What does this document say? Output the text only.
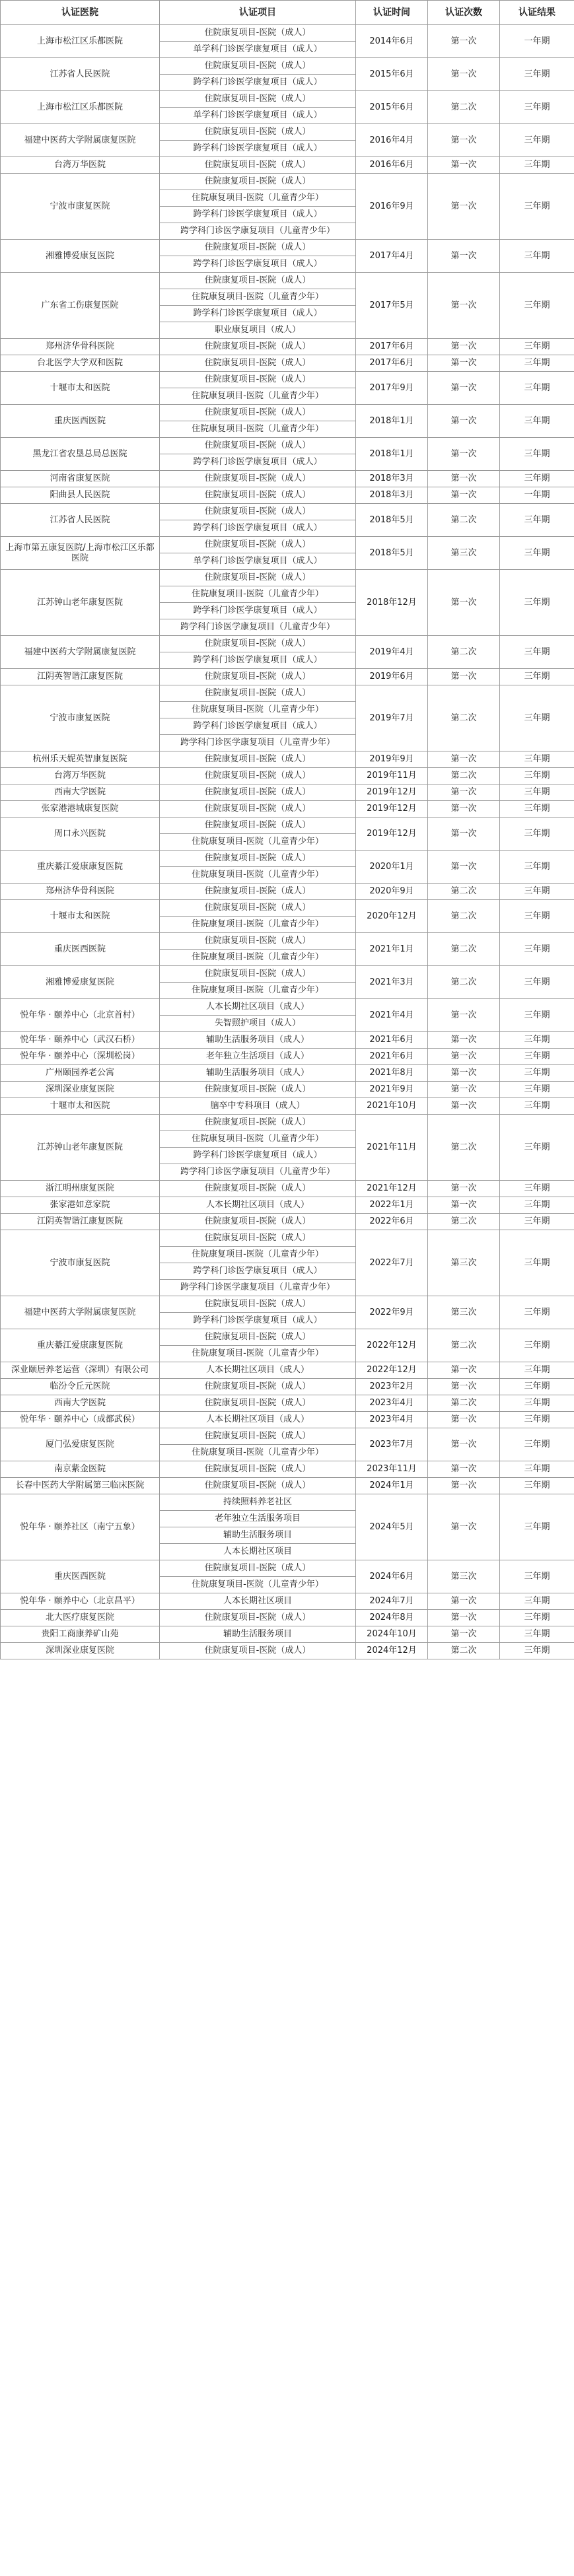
认证医院	认证项目	认证时间	认证次数	认证结果
上海市松江区乐都医院	住院康复项目-医院（成人）	2014年6月	第一次	一年期
	单学科门诊医学康复项目（成人）			
江苏省人民医院	住院康复项目-医院（成人）	2015年6月	第一次	三年期
	跨学科门诊医学康复项目（成人）			
上海市松江区乐都医院	住院康复项目-医院（成人）	2015年6月	第二次	三年期
	单学科门诊医学康复项目（成人）			
福建中医药大学附属康复医院	住院康复项目-医院（成人）	2016年4月	第一次	三年期
	跨学科门诊医学康复项目（成人）			
台湾万华医院	住院康复项目-医院（成人）	2016年6月	第一次	三年期
宁波市康复医院	住院康复项目-医院（成人）	2016年9月	第一次	三年期
	住院康复项目-医院（儿童青少年）			
	跨学科门诊医学康复项目（成人）			
	跨学科门诊医学康复项目（儿童青少年）			
湘雅博爱康复医院	住院康复项目-医院（成人）	2017年4月	第一次	三年期
	跨学科门诊医学康复项目（成人）			
广东省工伤康复医院	住院康复项目-医院（成人）	2017年5月	第一次	三年期
	住院康复项目-医院（儿童青少年）			
	跨学科门诊医学康复项目（成人）			
	职业康复项目（成人）			
郑州济华骨科医院	住院康复项目-医院（成人）	2017年6月	第一次	三年期
台北医学大学双和医院	住院康复项目-医院（成人）	2017年6月	第一次	三年期
十堰市太和医院	住院康复项目-医院（成人）	2017年9月	第一次	三年期
	住院康复项目-医院（儿童青少年）			
重庆医西医院	住院康复项目-医院（成人）	2018年1月	第一次	三年期
	住院康复项目-医院（儿童青少年）			
黑龙江省农垦总局总医院	住院康复项目-医院（成人）	2018年1月	第一次	三年期
	跨学科门诊医学康复项目（成人）			
河南省康复医院	住院康复项目-医院（成人）	2018年3月	第一次	三年期
阳曲县人民医院	住院康复项目-医院（成人）	2018年3月	第一次	一年期
江苏省人民医院	住院康复项目-医院（成人）	2018年5月	第二次	三年期
	跨学科门诊医学康复项目（成人）			
上海市第五康复医院/上海市松江区乐都医院	住院康复项目-医院（成人）	2018年5月	第三次	三年期
	单学科门诊医学康复项目（成人）			
江苏钟山老年康复医院	住院康复项目-医院（成人）	2018年12月	第一次	三年期
	住院康复项目-医院（儿童青少年）			
	跨学科门诊医学康复项目（成人）			
	跨学科门诊医学康复项目（儿童青少年）			
福建中医药大学附属康复医院	住院康复项目-医院（成人）	2019年4月	第二次	三年期
	跨学科门诊医学康复项目（成人）			
江阴英智谐江康复医院	住院康复项目-医院（成人）	2019年6月	第一次	三年期
宁波市康复医院	住院康复项目-医院（成人）	2019年7月	第二次	三年期
	住院康复项目-医院（儿童青少年）			
	跨学科门诊医学康复项目（成人）			
	跨学科门诊医学康复项目（儿童青少年）			
杭州乐天妮英智康复医院	住院康复项目-医院（成人）	2019年9月	第一次	三年期
台湾万华医院	住院康复项目-医院（成人）	2019年11月	第二次	三年期
西南大学医院	住院康复项目-医院（成人）	2019年12月	第一次	三年期
张家港港城康复医院	住院康复项目-医院（成人）	2019年12月	第一次	三年期
周口永兴医院	住院康复项目-医院（成人）	2019年12月	第一次	三年期
	住院康复项目-医院（儿童青少年）			
重庆綦江爱康康复医院	住院康复项目-医院（成人）	2020年1月	第一次	三年期
	住院康复项目-医院（儿童青少年）			
郑州济华骨科医院	住院康复项目-医院（成人）	2020年9月	第二次	三年期
十堰市太和医院	住院康复项目-医院（成人）	2020年12月	第二次	三年期
	住院康复项目-医院（儿童青少年）			
重庆医西医院	住院康复项目-医院（成人）	2021年1月	第二次	三年期
	住院康复项目-医院（儿童青少年）			
湘雅博爱康复医院	住院康复项目-医院（成人）	2021年3月	第二次	三年期
	住院康复项目-医院（儿童青少年）			
悦年华 · 颐养中心（北京首村）	人本长期社区项目（成人）	2021年4月	第一次	三年期
	失智照护项目（成人）			
悦年华 · 颐养中心（武汉石桥）	辅助生活服务项目（成人）	2021年6月	第一次	三年期
悦年华 · 颐养中心（深圳松岗）	老年独立生活项目（成人）	2021年6月	第一次	三年期
广州颐园养老公寓	辅助生活服务项目（成人）	2021年8月	第一次	三年期
深圳深业康复医院	住院康复项目-医院（成人）	2021年9月	第一次	三年期
十堰市太和医院	脑卒中专科项目（成人）	2021年10月	第一次	三年期
江苏钟山老年康复医院	住院康复项目-医院（成人）	2021年11月	第二次	三年期
	住院康复项目-医院（儿童青少年）			
	跨学科门诊医学康复项目（成人）			
	跨学科门诊医学康复项目（儿童青少年）			
浙江明州康复医院	住院康复项目-医院（成人）	2021年12月	第一次	三年期
张家港如意家院	人本长期社区项目（成人）	2022年1月	第一次	三年期
江阴英智谐江康复医院	住院康复项目-医院（成人）	2022年6月	第二次	三年期
宁波市康复医院	住院康复项目-医院（成人）	2022年7月	第三次	三年期
	住院康复项目-医院（儿童青少年）			
	跨学科门诊医学康复项目（成人）			
	跨学科门诊医学康复项目（儿童青少年）			
福建中医药大学附属康复医院	住院康复项目-医院（成人）	2022年9月	第三次	三年期
	跨学科门诊医学康复项目（成人）			
重庆綦江爱康康复医院	住院康复项目-医院（成人）	2022年12月	第二次	三年期
	住院康复项目-医院（儿童青少年）			
深业颐居养老运营（深圳）有限公司	人本长期社区项目（成人）	2022年12月	第一次	三年期
临汾令丘元医院	住院康复项目-医院（成人）	2023年2月	第一次	三年期
西南大学医院	住院康复项目-医院（成人）	2023年4月	第二次	三年期
悦年华 · 颐养中心（成都武侯）	人本长期社区项目（成人）	2023年4月	第一次	三年期
厦门弘爱康复医院	住院康复项目-医院（成人）	2023年7月	第一次	三年期
	住院康复项目-医院（儿童青少年）			
南京紫金医院	住院康复项目-医院（成人）	2023年11月	第一次	三年期
长春中医药大学附属第三临床医院	住院康复项目-医院（成人）	2024年1月	第一次	三年期
悦年华 · 颐养社区（南宁五象）	持续照料养老社区	2024年5月	第一次	三年期
	老年独立生活服务项目			
	辅助生活服务项目			
	人本长期社区项目			
重庆医西医院	住院康复项目-医院（成人）	2024年6月	第三次	三年期
	住院康复项目-医院（儿童青少年）			
悦年华 · 颐养中心（北京昌平）	人本长期社区项目	2024年7月	第一次	三年期
北大医疗康复医院	住院康复项目-医院（成人）	2024年8月	第一次	三年期
贵阳工商康养矿山苑	辅助生活服务项目	2024年10月	第一次	三年期
深圳深业康复医院	住院康复项目-医院（成人）	2024年12月	第二次	三年期
